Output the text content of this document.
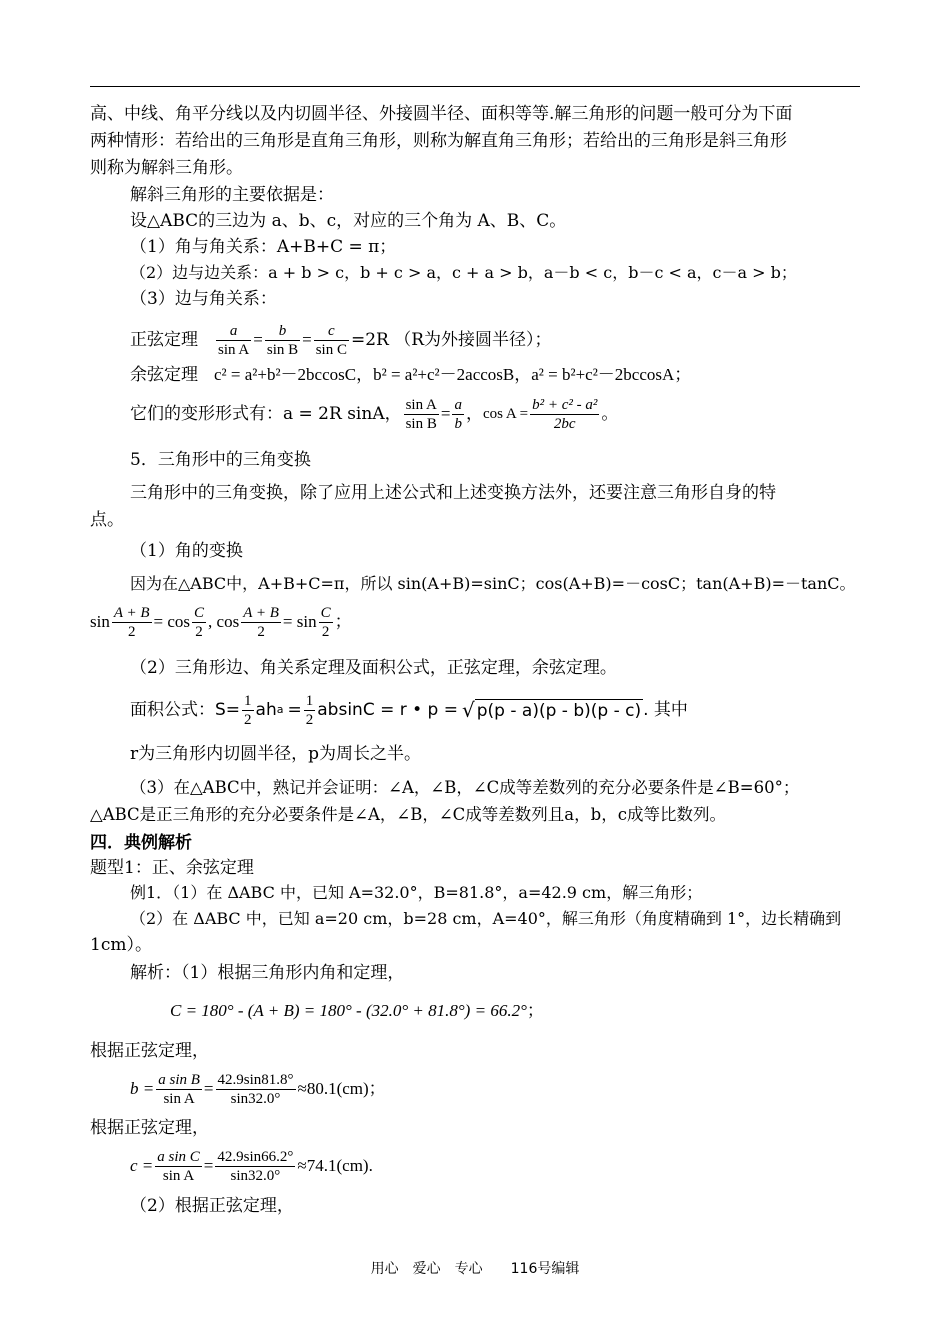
高、中线、角平分线以及内切圆半径、外接圆半径、面积等等.解三角形的问题一般可分为下面
两种情形：若给出的三角形是直角三角形，则称为解直角三角形；若给出的三角形是斜三角形
则称为解斜三角形。
解斜三角形的主要依据是：
设△ABC的三边为 a、b、c，对应的三个角为 A、B、C。
（1）角与角关系：A+B+C = π；
（2）边与边关系：a + b > c，b + c > a，c + a > b，a－b < c，b－c < a，c－a > b；
（3）边与角关系：
正弦定理 $\frac{a}{\text{sin A}} = \frac{b}{\text{sin B}} = \frac{c}{\text{sin C}} =2R$ （R为外接圆半径）；
余弦定理 c² = a²+b²－2bccosC，b² = a²+c²－2accosB，a² = b²+c²－2bccosA；
它们的变形形式有：a = 2R sinA， $\frac{\text{sin A}}{\text{sin B}} = \frac{a}{b}$ ， $\cos A = \frac{\text{b² + c² - a²}}{2bc}$ 。
5．三角形中的三角变换
三角形中的三角变换，除了应用上述公式和上述变换方法外，还要注意三角形自身的特
点。
（1）角的变换
因为在△ABC中，A+B+C=π，所以 sin(A+B)=sinC；cos(A+B)=－cosC；tan(A+B)=－tanC。
$\sin \frac{A + B}{2} = \cos \frac{C}{2}$ , $\cos \frac{A + B}{2} = \sin \frac{C}{2}$ ；
（2）三角形边、角关系定理及面积公式，正弦定理，余弦定理。
面积公式：$S= \frac{1}{2}$ ah $a = \frac{1}{2}$ absinC = r • p = √ p(p - a)(p - b)(p - c) . 其中
r为三角形内切圆半径，p为周长之半。
（3）在△ABC中，熟记并会证明：∠A，∠B，∠C成等差数列的充分必要条件是∠B=60°；
△ABC是正三角形的充分必要条件是∠A，∠B，∠C成等差数列且a，b，c成等比数列。
四．典例解析
题型1：正、余弦定理
例1．（1）在 ΔABC 中，已知 A=32.0°，B=81.8°，a=42.9 cm，解三角形；
（2）在 ΔABC 中，已知 a=20 cm，b=28 cm，A=40°，解三角形（角度精确到 1°，边长精确到
1cm）。
解析：（1）根据三角形内角和定理，
C = 180° - (A + B) = 180° - (32.0° + 81.8°) = 66.2°；
根据正弦定理，
$b = \frac{\text{a sin B}}{\text{sin A}} = \frac{42.9\sin 81.8^\circ}{\sin 32.0^\circ} \approx 80.1(cm)$；
根据正弦定理，
$c = \frac{\text{a sin C}}{\text{sin A}} = \frac{42.9\sin 66.2^\circ}{\sin 32.0^\circ} \approx 74.1(cm)$.
（2）根据正弦定理，
用心　爱心　专心　　116号编辑
